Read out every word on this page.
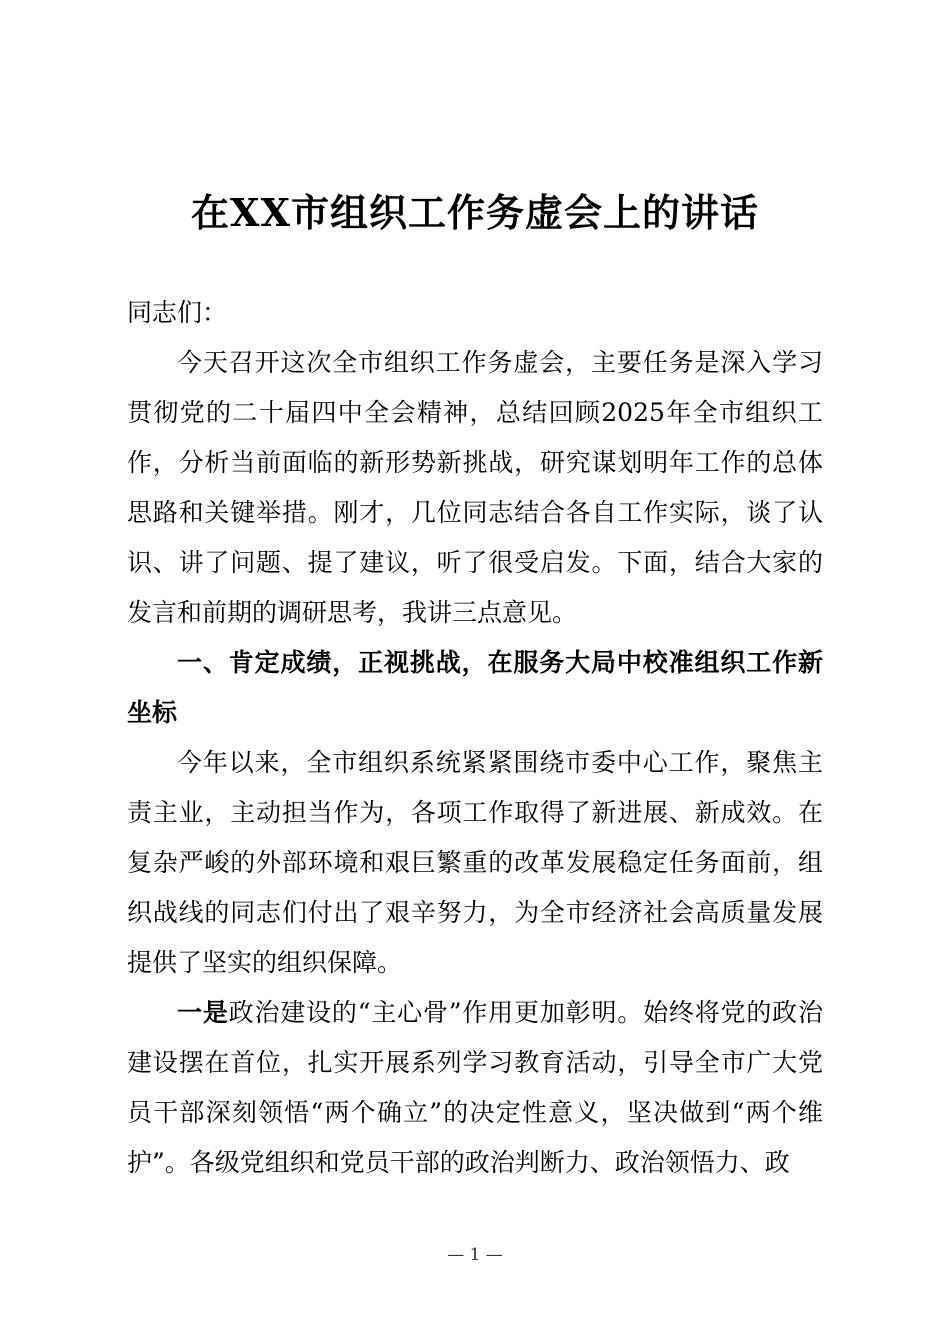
在XX市组织工作务虚会上的讲话

同志们：

今天召开这次全市组织工作务虚会，主要任务是深入学习贯彻党的二十届四中全会精神，总结回顾2025年全市组织工作，分析当前面临的新形势新挑战，研究谋划明年工作的总体思路和关键举措。刚才，几位同志结合各自工作实际，谈了认识、讲了问题、提了建议，听了很受启发。下面，结合大家的发言和前期的调研思考，我讲三点意见。

一、肯定成绩，正视挑战，在服务大局中校准组织工作新坐标

今年以来，全市组织系统紧紧围绕市委中心工作，聚焦主责主业，主动担当作为，各项工作取得了新进展、新成效。在复杂严峻的外部环境和艰巨繁重的改革发展稳定任务面前，组织战线的同志们付出了艰辛努力，为全市经济社会高质量发展提供了坚实的组织保障。

一是政治建设的“主心骨”作用更加彰明。始终将党的政治建设摆在首位，扎实开展系列学习教育活动，引导全市广大党员干部深刻领悟“两个确立”的决定性意义，坚决做到“两个维护”。各级党组织和党员干部的政治判断力、政治领悟力、政

— 1 —
